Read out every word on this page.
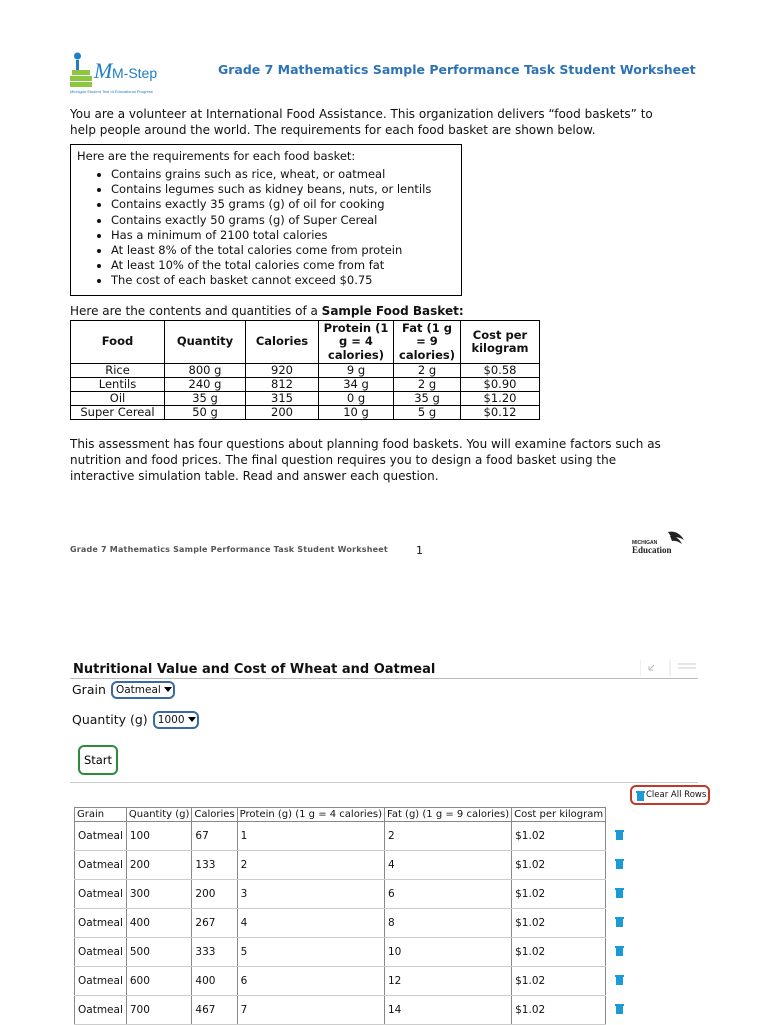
M M-Step
Michigan Student Test of Educational Progress
Grade 7 Mathematics Sample Performance Task Student Worksheet
You are a volunteer at International Food Assistance. This organization delivers “food baskets” to help people around the world. The requirements for each food basket are shown below.
Here are the requirements for each food basket:
• Contains grains such as rice, wheat, or oatmeal
• Contains legumes such as kidney beans, nuts, or lentils
• Contains exactly 35 grams (g) of oil for cooking
• Contains exactly 50 grams (g) of Super Cereal
• Has a minimum of 2100 total calories
• At least 8% of the total calories come from protein
• At least 10% of the total calories come from fat
• The cost of each basket cannot exceed $0.75
Here are the contents and quantities of a Sample Food Basket:
Food	Quantity	Calories	Protein (1 g = 4 calories)	Fat (1 g = 9 calories)	Cost per kilogram
Rice	800 g	920	9 g	2 g	$0.58
Lentils	240 g	812	34 g	2 g	$0.90
Oil	35 g	315	0 g	35 g	$1.20
Super Cereal	50 g	200	10 g	5 g	$0.12
This assessment has four questions about planning food baskets. You will examine factors such as nutrition and food prices. The final question requires you to design a food basket using the interactive simulation table. Read and answer each question.
Grade 7 Mathematics Sample Performance Task Student Worksheet	1
MICHIGAN
Education
Nutritional Value and Cost of Wheat and Oatmeal
Grain Oatmeal
Quantity (g) 1000
Start
Clear All Rows
Grain	Quantity (g)	Calories	Protein (g) (1 g = 4 calories)	Fat (g) (1 g = 9 calories)	Cost per kilogram	
Oatmeal	100	67	1	2	$1.02	
Oatmeal	200	133	2	4	$1.02	
Oatmeal	300	200	3	6	$1.02	
Oatmeal	400	267	4	8	$1.02	
Oatmeal	500	333	5	10	$1.02	
Oatmeal	600	400	6	12	$1.02	
Oatmeal	700	467	7	14	$1.02	
